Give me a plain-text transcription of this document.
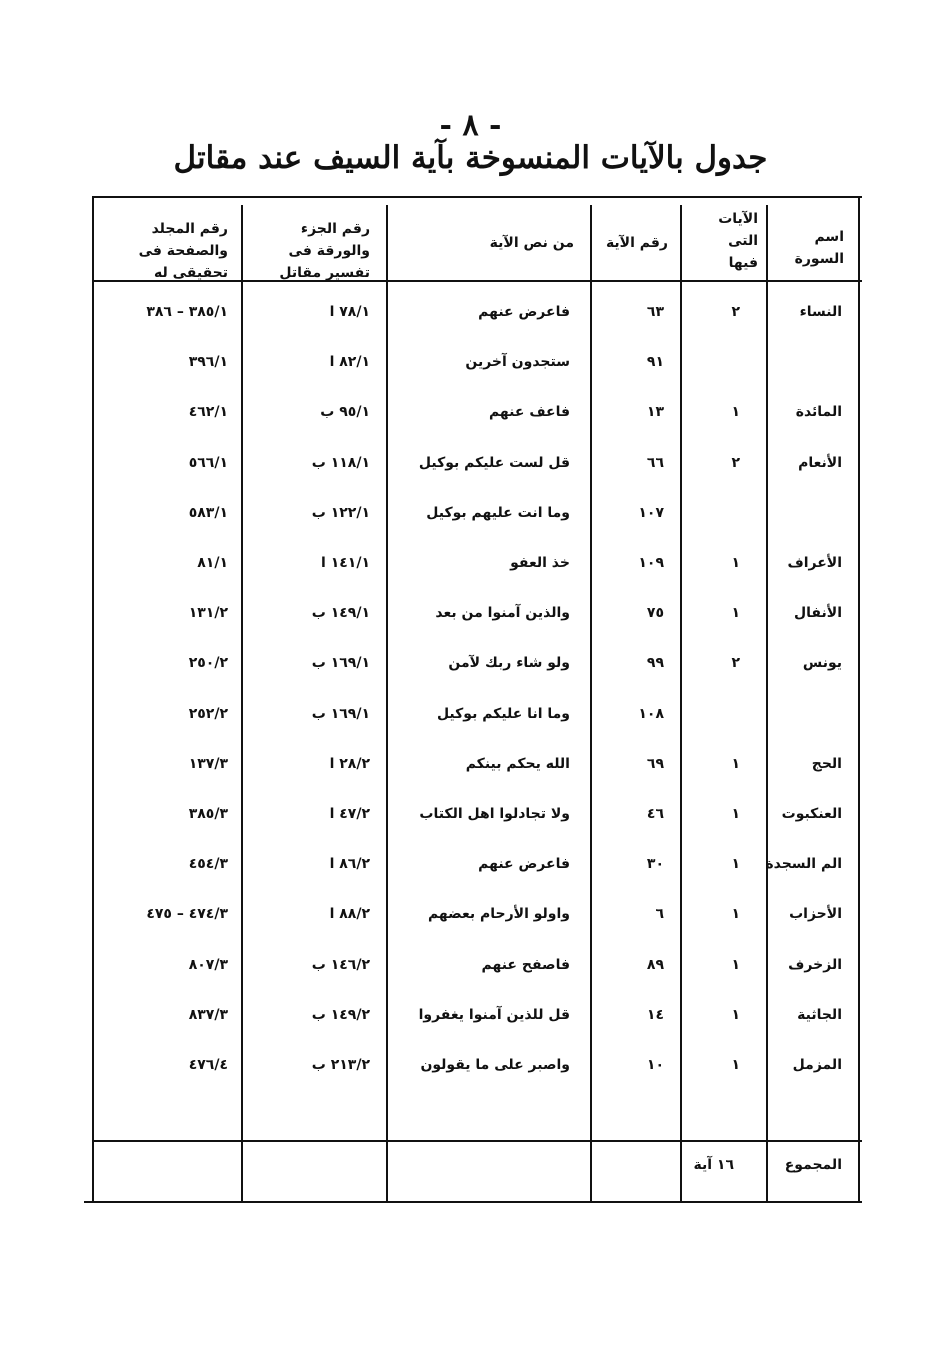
- ٨ -
جدول بالآيات المنسوخة بآية السيف عند مقاتل
اسم السورة
الآيات التى فيها
رقم الآية
من نص الآية
رقم الجزء والورقة فى تفسير مقاتل
رقم المجلد والصفحة فى تحقيقى له
النساء
٢
٦٣
فاعرض عنهم
٧٨/١ ا
٣٨٥/١ – ٣٨٦
٩١
ستجدون آخرين
٨٢/١ ا
٣٩٦/١
المائدة
١
١٣
فاعف عنهم
٩٥/١ ب
٤٦٢/١
الأنعام
٢
٦٦
قل لست عليكم بوكيل
١١٨/١ ب
٥٦٦/١
١٠٧
وما انت عليهم بوكيل
١٢٢/١ ب
٥٨٣/١
الأعراف
١
١٠٩
خذ العفو
١٤١/١ ا
٨١/١
الأنفال
١
٧٥
والذين آمنوا من بعد
١٤٩/١ ب
١٣١/٢
يونس
٢
٩٩
ولو شاء ربك لآمن
١٦٩/١ ب
٢٥٠/٢
١٠٨
وما انا عليكم بوكيل
١٦٩/١ ب
٢٥٢/٢
الحج
١
٦٩
الله يحكم بينكم
٢٨/٢ ا
١٣٧/٣
العنكبوت
١
٤٦
ولا تجادلوا اهل الكتاب
٤٧/٢ ا
٣٨٥/٣
الم السجدة
١
٣٠
فاعرض عنهم
٨٦/٢ ا
٤٥٤/٣
الأحزاب
١
٦
واولو الأرحام بعضهم
٨٨/٢ ا
٤٧٤/٣ – ٤٧٥
الزخرف
١
٨٩
فاصفح عنهم
١٤٦/٢ ب
٨٠٧/٣
الجاثية
١
١٤
قل للذين آمنوا يغفروا
١٤٩/٢ ب
٨٣٧/٣
المزمل
١
١٠
واصبر على ما يقولون
٢١٣/٢ ب
٤٧٦/٤
المجموع
١٦ آية
